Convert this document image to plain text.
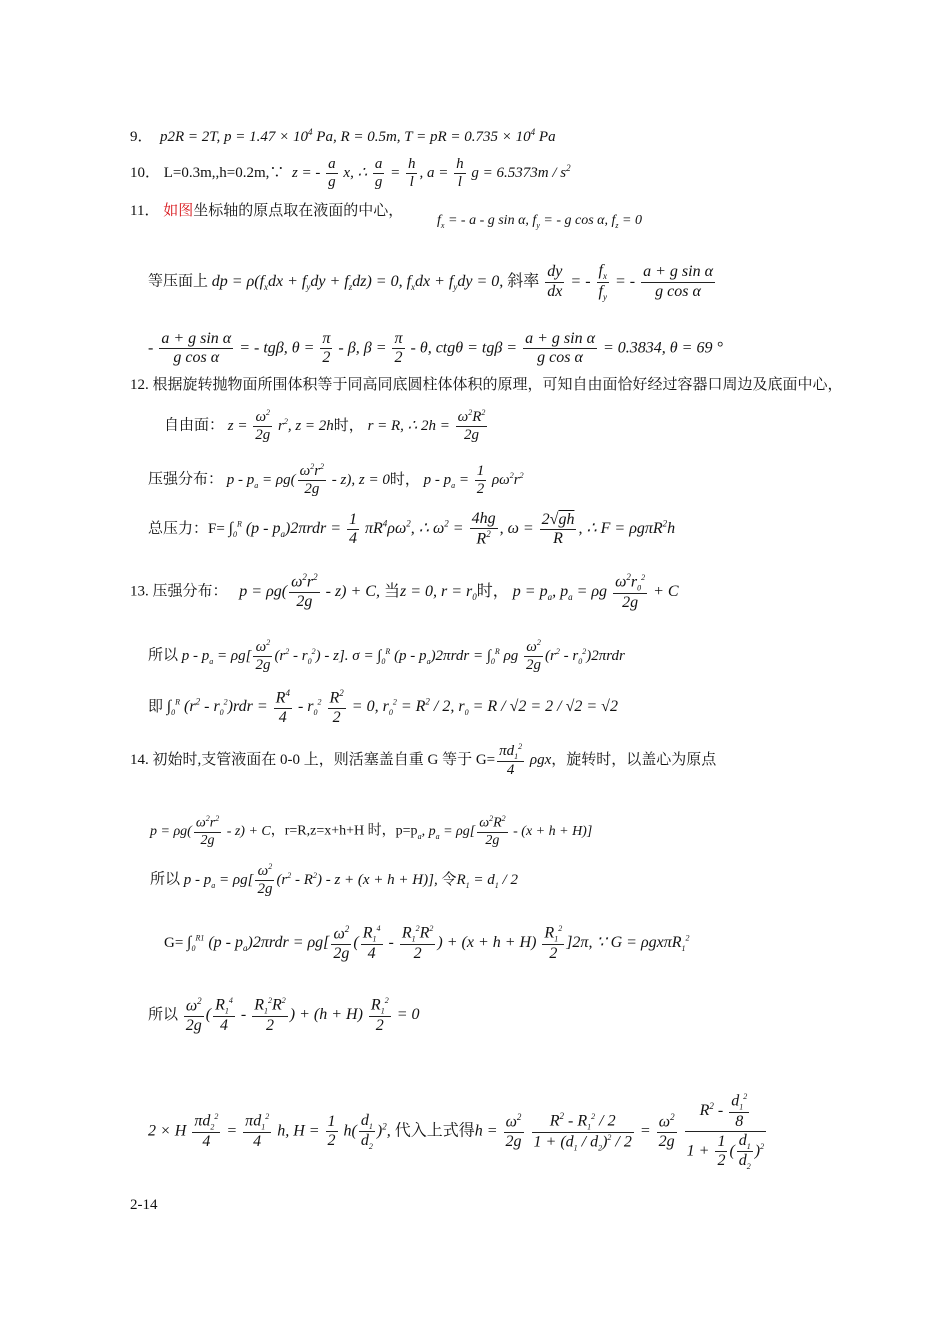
9．  p2R = 2T, $p = 1.47 \times 10^4$ Pa, R = 0.5m, T = pR = $0.735 \times 10^4$ Pa
10． L=0.3m,,h=0.2m,∵  z = - $\frac{a}{g} x$, ∴ $\frac{a}{g} = \frac{h}{l}$ , $a = \frac{h}{l}$ $g = 6.5373m / s^2$
11． 如图坐标轴的原点取在液面的中心，
$f_x$ = - a - g sin α, $f_y$ = - g cos α, $f_z = 0$
等压面上 dp = $\rho(f_xdx + f_ydy + f_zdz) = 0$, $f_xdx + f_ydy = 0$, 斜率 $\frac{dy}{dx}$ = - $\frac{f_x}{f_y}$ = - $\frac{\text{a + g sin α}}{\text{g cos α}}$
- $\frac{\text{a + g sin α}}{\text{g cos α}}$ = - tgβ, $\theta = \frac{\pi}{2} - \beta$, $\beta = \frac{\pi}{2} - \theta$, $ctg\theta = tg\beta = \frac{\text{a + g sin α}}{\text{g cos α}} = 0.3834$, θ = 69 °
12. 根据旋转抛物面所围体积等于同高同底圆柱体体积的原理，可知自由面恰好经过容器口周边及底面中心，
自由面： $z = \frac{\omega^2}{2g} r^2$, z = 2h时， r = R, ∴ $2h = \frac{\omega^2R^2}{2g}$
压强分布： $p - p_a = \rho g( \frac{\omega^2r^2}{2g} - z)$, z = 0时， $p - p_a = \frac{1}{2} \rho\omega^2r^2$
总压力：$F= \int_0^R$ $(p - p_a)2\pi rdr = \frac{1}{4} \pi R^4\rho\omega^2$, ∴ $\omega^2 = \frac{4hg}{R^2}$ , $\omega = \frac{2√gh}{R}$ , ∴ F = ρgπR$^2$h
13. 压强分布：   $p = \rho g( \frac{\omega^2r^2}{2g} - z) + C$, 当z = 0, $r = r_0$时， $p = p_a$, $p_a = \rho g \frac{\omega^2r_0^2}{2g} + C$
所以 $p - p_a = \rho g[ \frac{\omega^2}{2g} (r^2 - r_0^2) - z]$. $\sigma = \int_0^R$ $(p - p_a)2\pi rdr = \int_0^R$ ρg $\frac{\omega^2}{2g} (r^2 - r_0^2)2\pi rdr$
即 $\int_0^R$ $(r^2 - r_0^2)rdr = \frac{R^4}{4} - r_0^2 \frac{R^2}{2} = 0$, $r_0^2 = R^2 / 2$, $r_0 = R / √2 = 2 / √2 = √2$
14. 初始时,支管液面在 0-0 上，则活塞盖自重 G 等于 $G= \frac{\pi d_1^2}{4}$ ρgx，旋转时，以盖心为原点
$p = \rho g( \frac{\omega^2r^2}{2g} - z) + C$，r=R,z=x+h+H 时，$p=p_a$, $p_a = \rho g[ \frac{\omega^2R^2}{2g} - (x + h + H)]$
所以 $p - p_a = \rho g[ \frac{\omega^2}{2g} (r^2 - R^2) - z + (x + h + H)]$, 令$R_1 = d_1 / 2$
$G= \int_0^{R1}$ $(p - p_a)2\pi rdr = \rho g[ \frac{\omega^2}{2g}$ ( $\frac{R_1^4}{4} - \frac{R_1^2R^2}{2}$ ) + $(x + h + H) \frac{R_1^2}{2} ]2\pi$, ∵ G = ρgxπR$_1^2$
所以 $\frac{\omega^2}{2g}$ ( $\frac{R_1^4}{4} - \frac{R_1^2R^2}{2}$ ) + $(h + H) \frac{R_1^2}{2} = 0$
2 × H $\frac{\pi d_2^2}{4} = \frac{\pi d_1^2}{4} h$, $H = \frac{1}{2} h( \frac{d_1}{d_2} )^2$, 代入上式得$h = \frac{\omega^2}{2g}$
$\frac{R^2 - R_1^2 / 2}{1 + (d_1 / d_2)^2 / 2} = \frac{\omega^2}{2g}$
$\frac{R^2 - \frac{d_1^2}{8}}{1 + \frac{1}{2} ( \frac{d_1}{d_2} )^2}$
2-14
